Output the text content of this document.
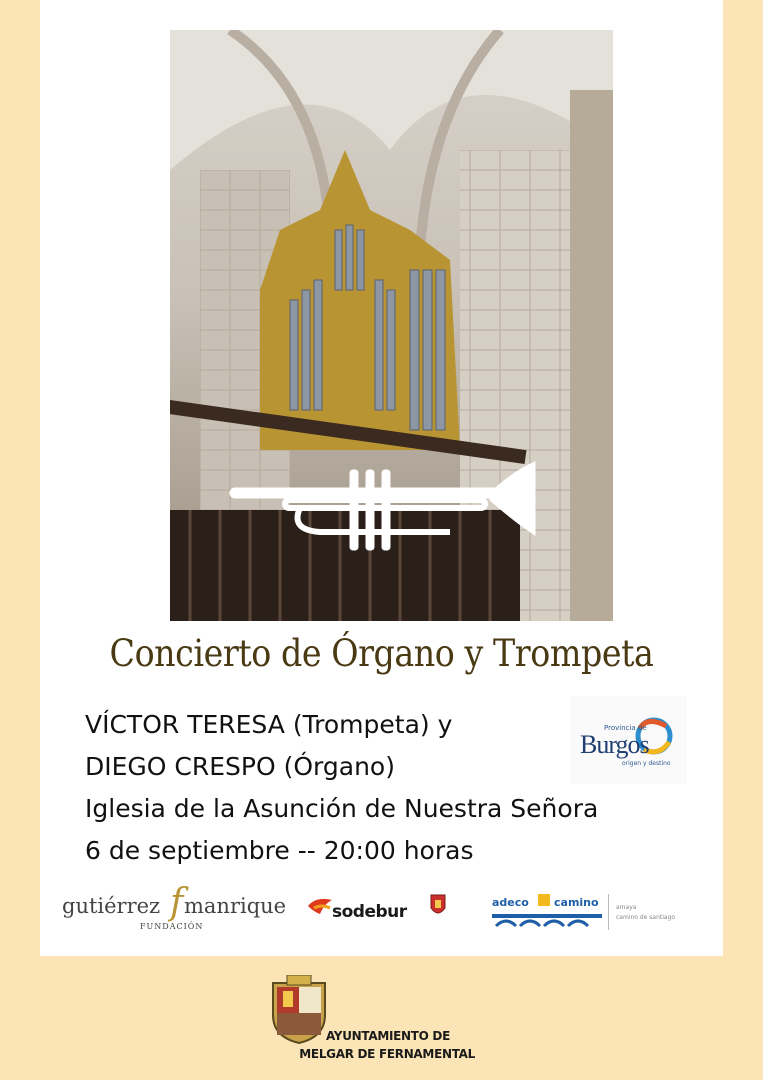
Concierto de Órgano y Trompeta
VÍCTOR TERESA (Trompeta) y
DIEGO CRESPO (Órgano)
Iglesia de la Asunción de Nuestra Señora
6 de septiembre -- 20:00 horas
Provincia de
Burgos
origen y destino
gutiérrez f manrique
FUNDACIÓN
sodebur	adeco camino	amaya
camino de santiago
AYUNTAMIENTO DE
MELGAR DE FERNAMENTAL
